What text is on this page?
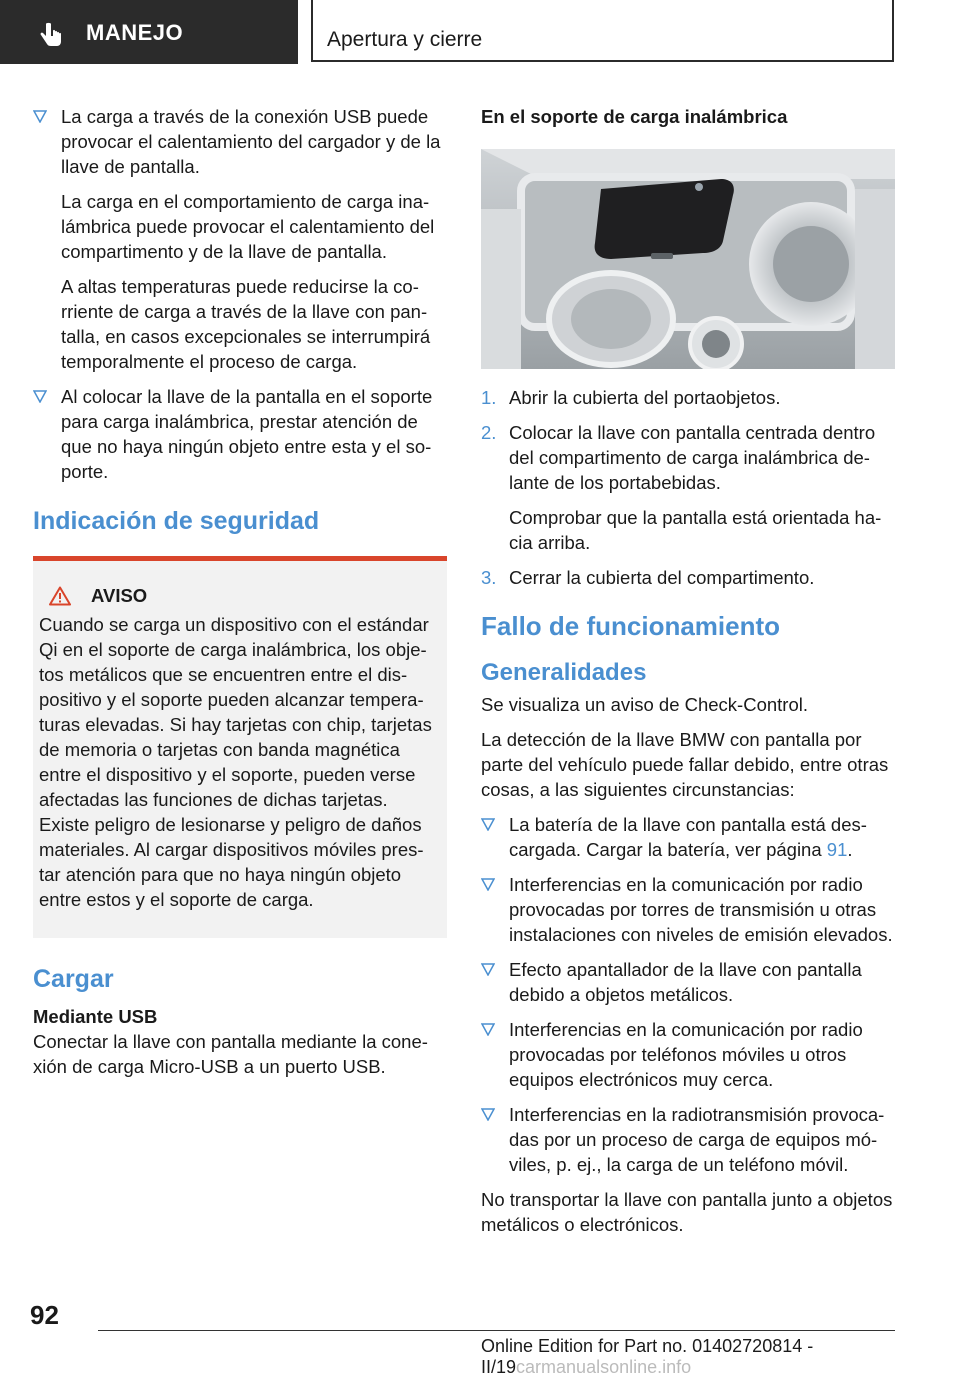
MANEJO	Apertura y cierre

La carga a través de la conexión USB puede provocar el calentamiento del cargador y de la llave de pantalla.

La carga en el comportamiento de carga inalámbrica puede provocar el calentamiento del compartimento y de la llave de pantalla.

A altas temperaturas puede reducirse la corriente de carga a través de la llave con pantalla, en casos excepcionales se interrumpirá temporalmente el proceso de carga.

Al colocar la llave de la pantalla en el soporte para carga inalámbrica, prestar atención de que no haya ningún objeto entre esta y el soporte.

Indicación de seguridad
AVISO

Cuando se carga un dispositivo con el estándar Qi en el soporte de carga inalámbrica, los objetos metálicos que se encuentren entre el dispositivo y el soporte pueden alcanzar temperaturas elevadas. Si hay tarjetas con chip, tarjetas de memoria o tarjetas con banda magnética entre el dispositivo y el soporte, pueden verse afectadas las funciones de dichas tarjetas. Existe peligro de lesionarse y peligro de daños materiales. Al cargar dispositivos móviles prestar atención para que no haya ningún objeto entre estos y el soporte de carga.

Cargar
Mediante USB

Conectar la llave con pantalla mediante la conexión de carga Micro-USB a un puerto USB.

En el soporte de carga inalámbrica
1. Abrir la cubierta del portaobjetos.

2. Colocar la llave con pantalla centrada dentro del compartimento de carga inalámbrica delante de los portabebidas.

Comprobar que la pantalla está orientada hacia arriba.

3. Cerrar la cubierta del compartimento.

Fallo de funcionamiento
Generalidades

Se visualiza un aviso de Check-Control.

La detección de la llave BMW con pantalla por parte del vehículo puede fallar debido, entre otras cosas, a las siguientes circunstancias:

La batería de la llave con pantalla está descargada. Cargar la batería, ver página 91.

Interferencias en la comunicación por radio provocadas por torres de transmisión u otras instalaciones con niveles de emisión elevados.

Efecto apantallador de la llave con pantalla debido a objetos metálicos.

Interferencias en la comunicación por radio provocadas por teléfonos móviles u otros equipos electrónicos muy cerca.

Interferencias en la radiotransmisión provocadas por un proceso de carga de equipos móviles, p. ej., la carga de un teléfono móvil.

No transportar la llave con pantalla junto a objetos metálicos o electrónicos.

92
Online Edition for Part no. 01402720814 - II/19carmanualsonline.info
